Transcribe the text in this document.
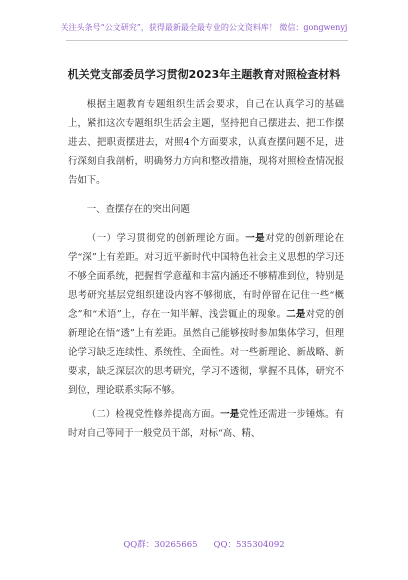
关注头条号“公文研究”，获得最新最全最专业的公文资料库！ 微信：gongwenyj
机关党支部委员学习贯彻2023年主题教育对照检查材料

根据主题教育专题组织生活会要求，自己在认真学习的基础上，紧扣这次专题组织生活会主题，坚持把自己摆进去、把工作摆进去、把职责摆进去，对照4个方面要求，认真查摆问题不足，进行深刻自我剖析，明确努力方向和整改措施，现将对照检查情况报告如下。

一、查摆存在的突出问题

（一）学习贯彻党的创新理论方面。一是对党的创新理论在学“深”上有差距。对习近平新时代中国特色社会主义思想的学习还不够全面系统，把握哲学意蕴和丰富内涵还不够精准到位，特别是思考研究基层党组织建设内容不够彻底，有时停留在记住一些“概念”和“术语”上，存在一知半解、浅尝辄止的现象。二是对党的创新理论在悟“透”上有差距。虽然自己能够按时参加集体学习，但理论学习缺乏连续性、系统性、全面性。对一些新理论、新战略、新要求，缺乏深层次的思考研究，学习不透彻，掌握不具体，研究不到位，理论联系实际不够。

（二）检视党性修养提高方面。一是党性还需进一步锤炼。有时对自己等同于一般党员干部，对标“高、精、

QQ群：30265665 QQ：535304092
